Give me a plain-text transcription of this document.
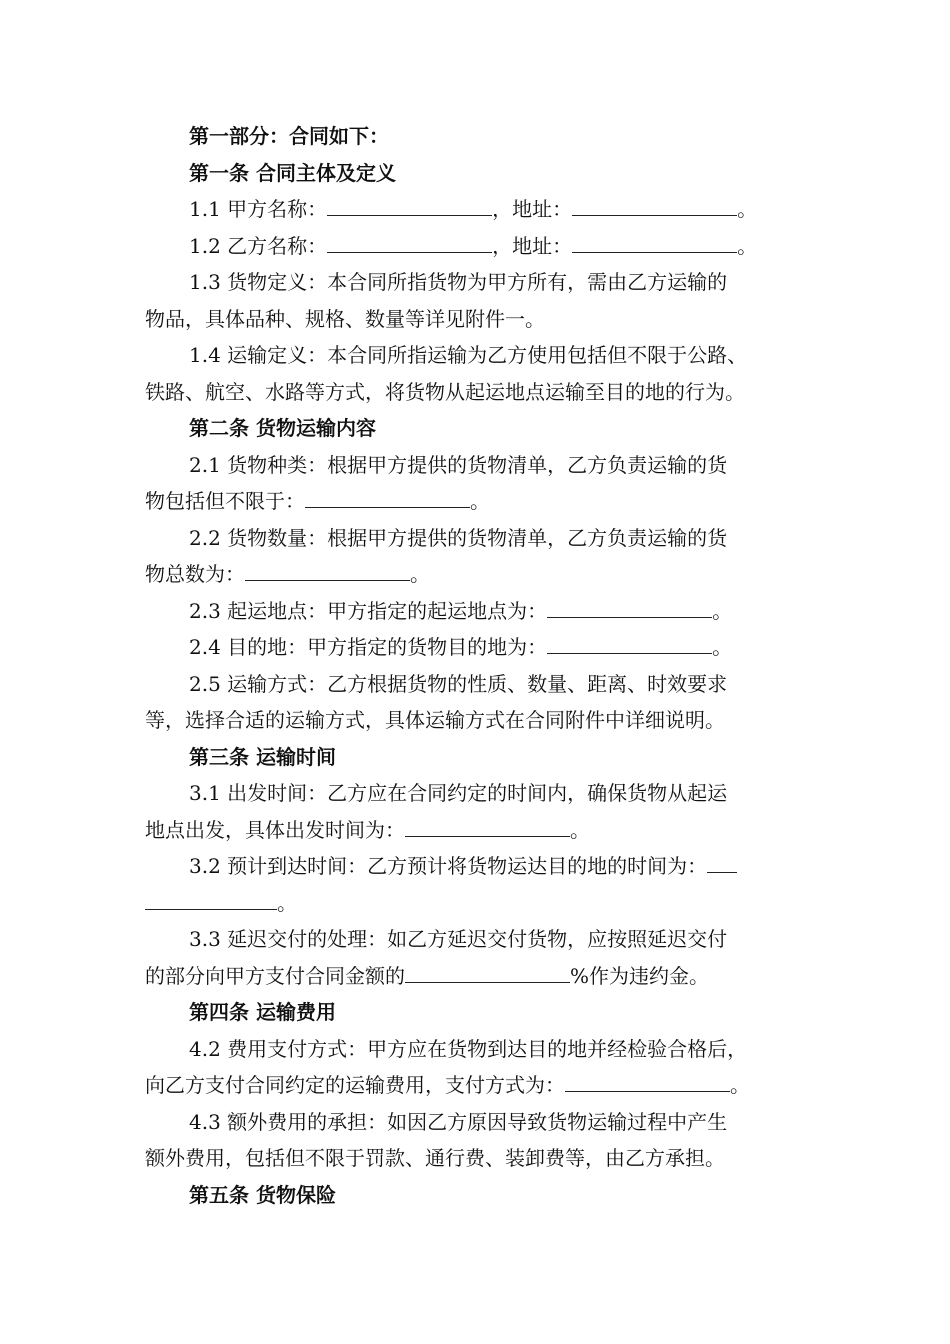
第一部分：合同如下：
第一条 合同主体及定义
1.1 甲方名称：	，地址：	。
1.2 乙方名称：	，地址：	。
1.3 货物定义：本合同所指货物为甲方所有，需由乙方运输的
物品，具体品种、规格、数量等详见附件一。
1.4 运输定义：本合同所指运输为乙方使用包括但不限于公路、
铁路、航空、水路等方式，将货物从起运地点运输至目的地的行为。
第二条 货物运输内容
2.1 货物种类：根据甲方提供的货物清单，乙方负责运输的货
物包括但不限于：	。
2.2 货物数量：根据甲方提供的货物清单，乙方负责运输的货
物总数为：	。
2.3 起运地点：甲方指定的起运地点为：	。
2.4 目的地：甲方指定的货物目的地为：	。
2.5 运输方式：乙方根据货物的性质、数量、距离、时效要求
等，选择合适的运输方式，具体运输方式在合同附件中详细说明。
第三条 运输时间
3.1 出发时间：乙方应在合同约定的时间内，确保货物从起运
地点出发，具体出发时间为：	。
3.2 预计到达时间：乙方预计将货物运达目的地的时间为：
。
3.3 延迟交付的处理：如乙方延迟交付货物，应按照延迟交付
的部分向甲方支付合同金额的	%作为违约金。
第四条 运输费用
4.2 费用支付方式：甲方应在货物到达目的地并经检验合格后，
向乙方支付合同约定的运输费用，支付方式为：	。
4.3 额外费用的承担：如因乙方原因导致货物运输过程中产生
额外费用，包括但不限于罚款、通行费、装卸费等，由乙方承担。
第五条 货物保险
